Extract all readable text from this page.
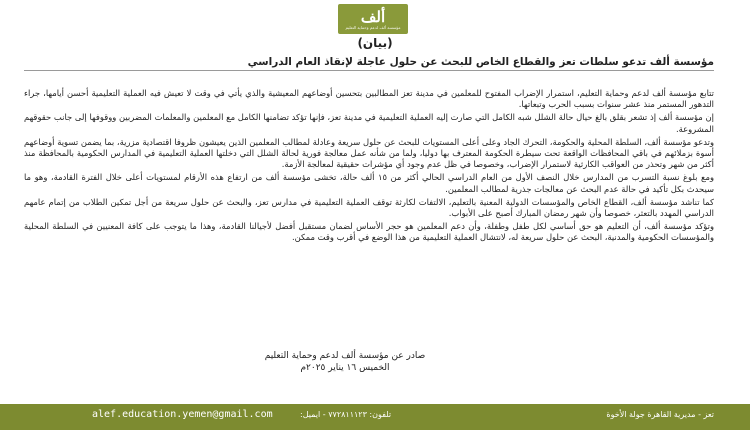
ألف
مؤسسة ألف لدعم وحماية التعليم
(بيان)
مؤسسة ألف تدعو سلطات تعز والقطاع الخاص للبحث عن حلول عاجلة لإنقاذ العام الدراسي

تتابع مؤسسة ألف لدعم وحماية التعليم، استمرار الإضراب المفتوح للمعلمين في مدينة تعز المطالبين بتحسين أوضاعهم المعيشية والذي يأتي في وقت لا تعيش فيه العملية التعليمية أحسن أيامها، جراء التدهور المستمر منذ عشر سنوات بسبب الحرب وتبعاتها.

إن مؤسسة ألف إذ تشعر بقلق بالغ حيال حالة الشلل شبه الكامل التي صارت إليه العملية التعليمية في مدينة تعز، فإنها تؤكد تضامنها الكامل مع المعلمين والمعلمات المضربين ووقوفها إلى جانب حقوقهم المشروعة.

وتدعو مؤسسة ألف، السلطة المحلية والحكومة، التحرك الجاد وعلى أعلى المستويات للبحث عن حلول سريعة وعادلة لمطالب المعلمين الذين يعيشون ظروفا اقتصادية مزرية، بما يضمن تسوية أوضاعهم أسوة بزملائهم في باقي المحافظات الواقعة تحت سيطرة الحكومة المعترف بها دوليا، ولما من شأنه عمل معالجة فورية لحالة الشلل التي دخلتها العملية التعليمية في المدارس الحكومية بالمحافظة منذ أكثر من شهر وتحذر من العواقب الكارثية لاستمرار الإضراب، وخصوصا في ظل عدم وجود أي مؤشرات حقيقية لمعالجة الأزمة.

ومع بلوغ نسبة التسرب من المدارس خلال النصف الأول من العام الدراسي الحالي أكثر من ١٥ ألف حالة، تخشى مؤسسة ألف من ارتفاع هذه الأرقام لمستويات أعلى خلال الفترة القادمة، وهو ما سيحدث بكل تأكيد في حالة عدم البحث عن معالجات جذرية لمطالب المعلمين.

كما تناشد مؤسسة ألف، القطاع الخاص والمؤسسات الدولية المعنية بالتعليم، الالتفات لكارثة توقف العملية التعليمية في مدارس تعز، والبحث عن حلول سريعة من أجل تمكين الطلاب من إتمام عامهم الدراسي المهدد بالتعثر، خصوصا وأن شهر رمضان المبارك أصبح على الأبواب.

وتؤكد مؤسسة ألف، أن التعليم هو حق أساسي لكل طفل وطفلة، وأن دعم المعلمين هو حجر الأساس لضمان مستقبل أفضل لأجيالنا القادمة، وهذا ما يتوجب على كافة المعنيين في السلطة المحلية والمؤسسات الحكومية والمدنية، البحث عن حلول سريعة له، لانتشال العملية التعليمية من هذا الوضع في أقرب وقت ممكن.

صادر عن مؤسسة ألف لدعم وحماية التعليم
الخميس ١٦ يناير ٢٠٢٥م
alef.education.yemen@gmail.com	تلفون: ٧٧٢٨١١١٢٣ - ايميل:	تعز - مديرية القاهرة جولة الأخوة
